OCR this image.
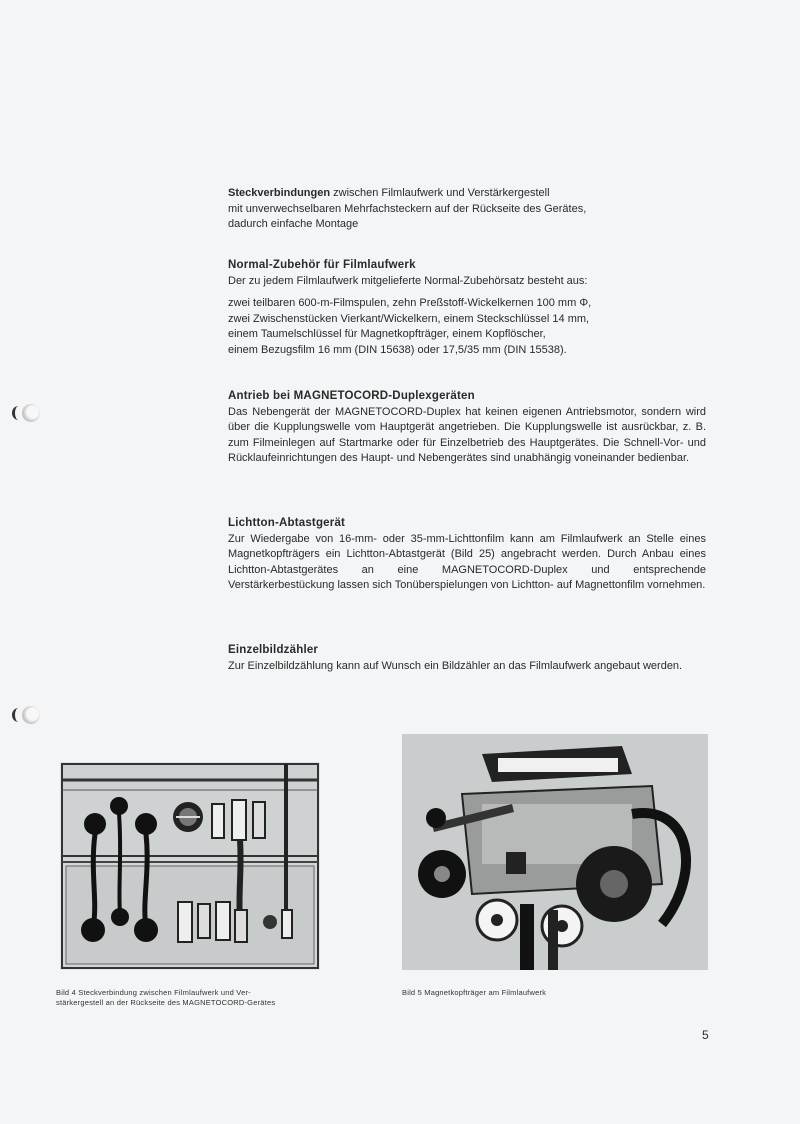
Steckverbindungen zwischen Filmlaufwerk und Verstärkergestell

mit unverwechselbaren Mehrfachsteckern auf der Rückseite des Gerätes,

dadurch einfache Montage

Normal-Zubehör für Filmlaufwerk

Der zu jedem Filmlaufwerk mitgelieferte Normal-Zubehörsatz besteht aus:

zwei teilbaren 600-m-Filmspulen, zehn Preßstoff-Wickelkernen 100 mm Φ,

zwei Zwischenstücken Vierkant/Wickelkern, einem Steckschlüssel 14 mm,

einem Taumelschlüssel für Magnetkopfträger, einem Kopflöscher,

einem Bezugsfilm 16 mm (DIN 15638) oder 17,5/35 mm (DIN 15538).

Antrieb bei MAGNETOCORD-Duplexgeräten

Das Nebengerät der MAGNETOCORD-Duplex hat keinen eigenen Antriebsmotor, sondern wird über die Kupplungswelle vom Hauptgerät angetrieben. Die Kupplungswelle ist ausrückbar, z. B. zum Filmeinlegen auf Startmarke oder für Einzelbetrieb des Hauptgerätes. Die Schnell-Vor- und Rücklaufeinrichtungen des Haupt- und Nebengerätes sind unabhängig voneinander bedienbar.

Lichtton-Abtastgerät

Zur Wiedergabe von 16-mm- oder 35-mm-Lichttonfilm kann am Filmlaufwerk an Stelle eines Magnetkopfträgers ein Lichtton-Abtastgerät (Bild 25) angebracht werden. Durch Anbau eines Lichtton-Abtastgerätes an eine MAGNETOCORD-Duplex und entsprechende Verstärkerbestückung lassen sich Tonüberspielungen von Lichtton- auf Magnettonfilm vornehmen.

Einzelbildzähler

Zur Einzelbildzählung kann auf Wunsch ein Bildzähler an das Filmlaufwerk angebaut werden.

Bild 4 Steckverbindung zwischen Filmlaufwerk und Ver-
stärkergestell an der Rückseite des MAGNETOCORD-Gerätes
Bild 5 Magnetkopfträger am Filmlaufwerk
5
